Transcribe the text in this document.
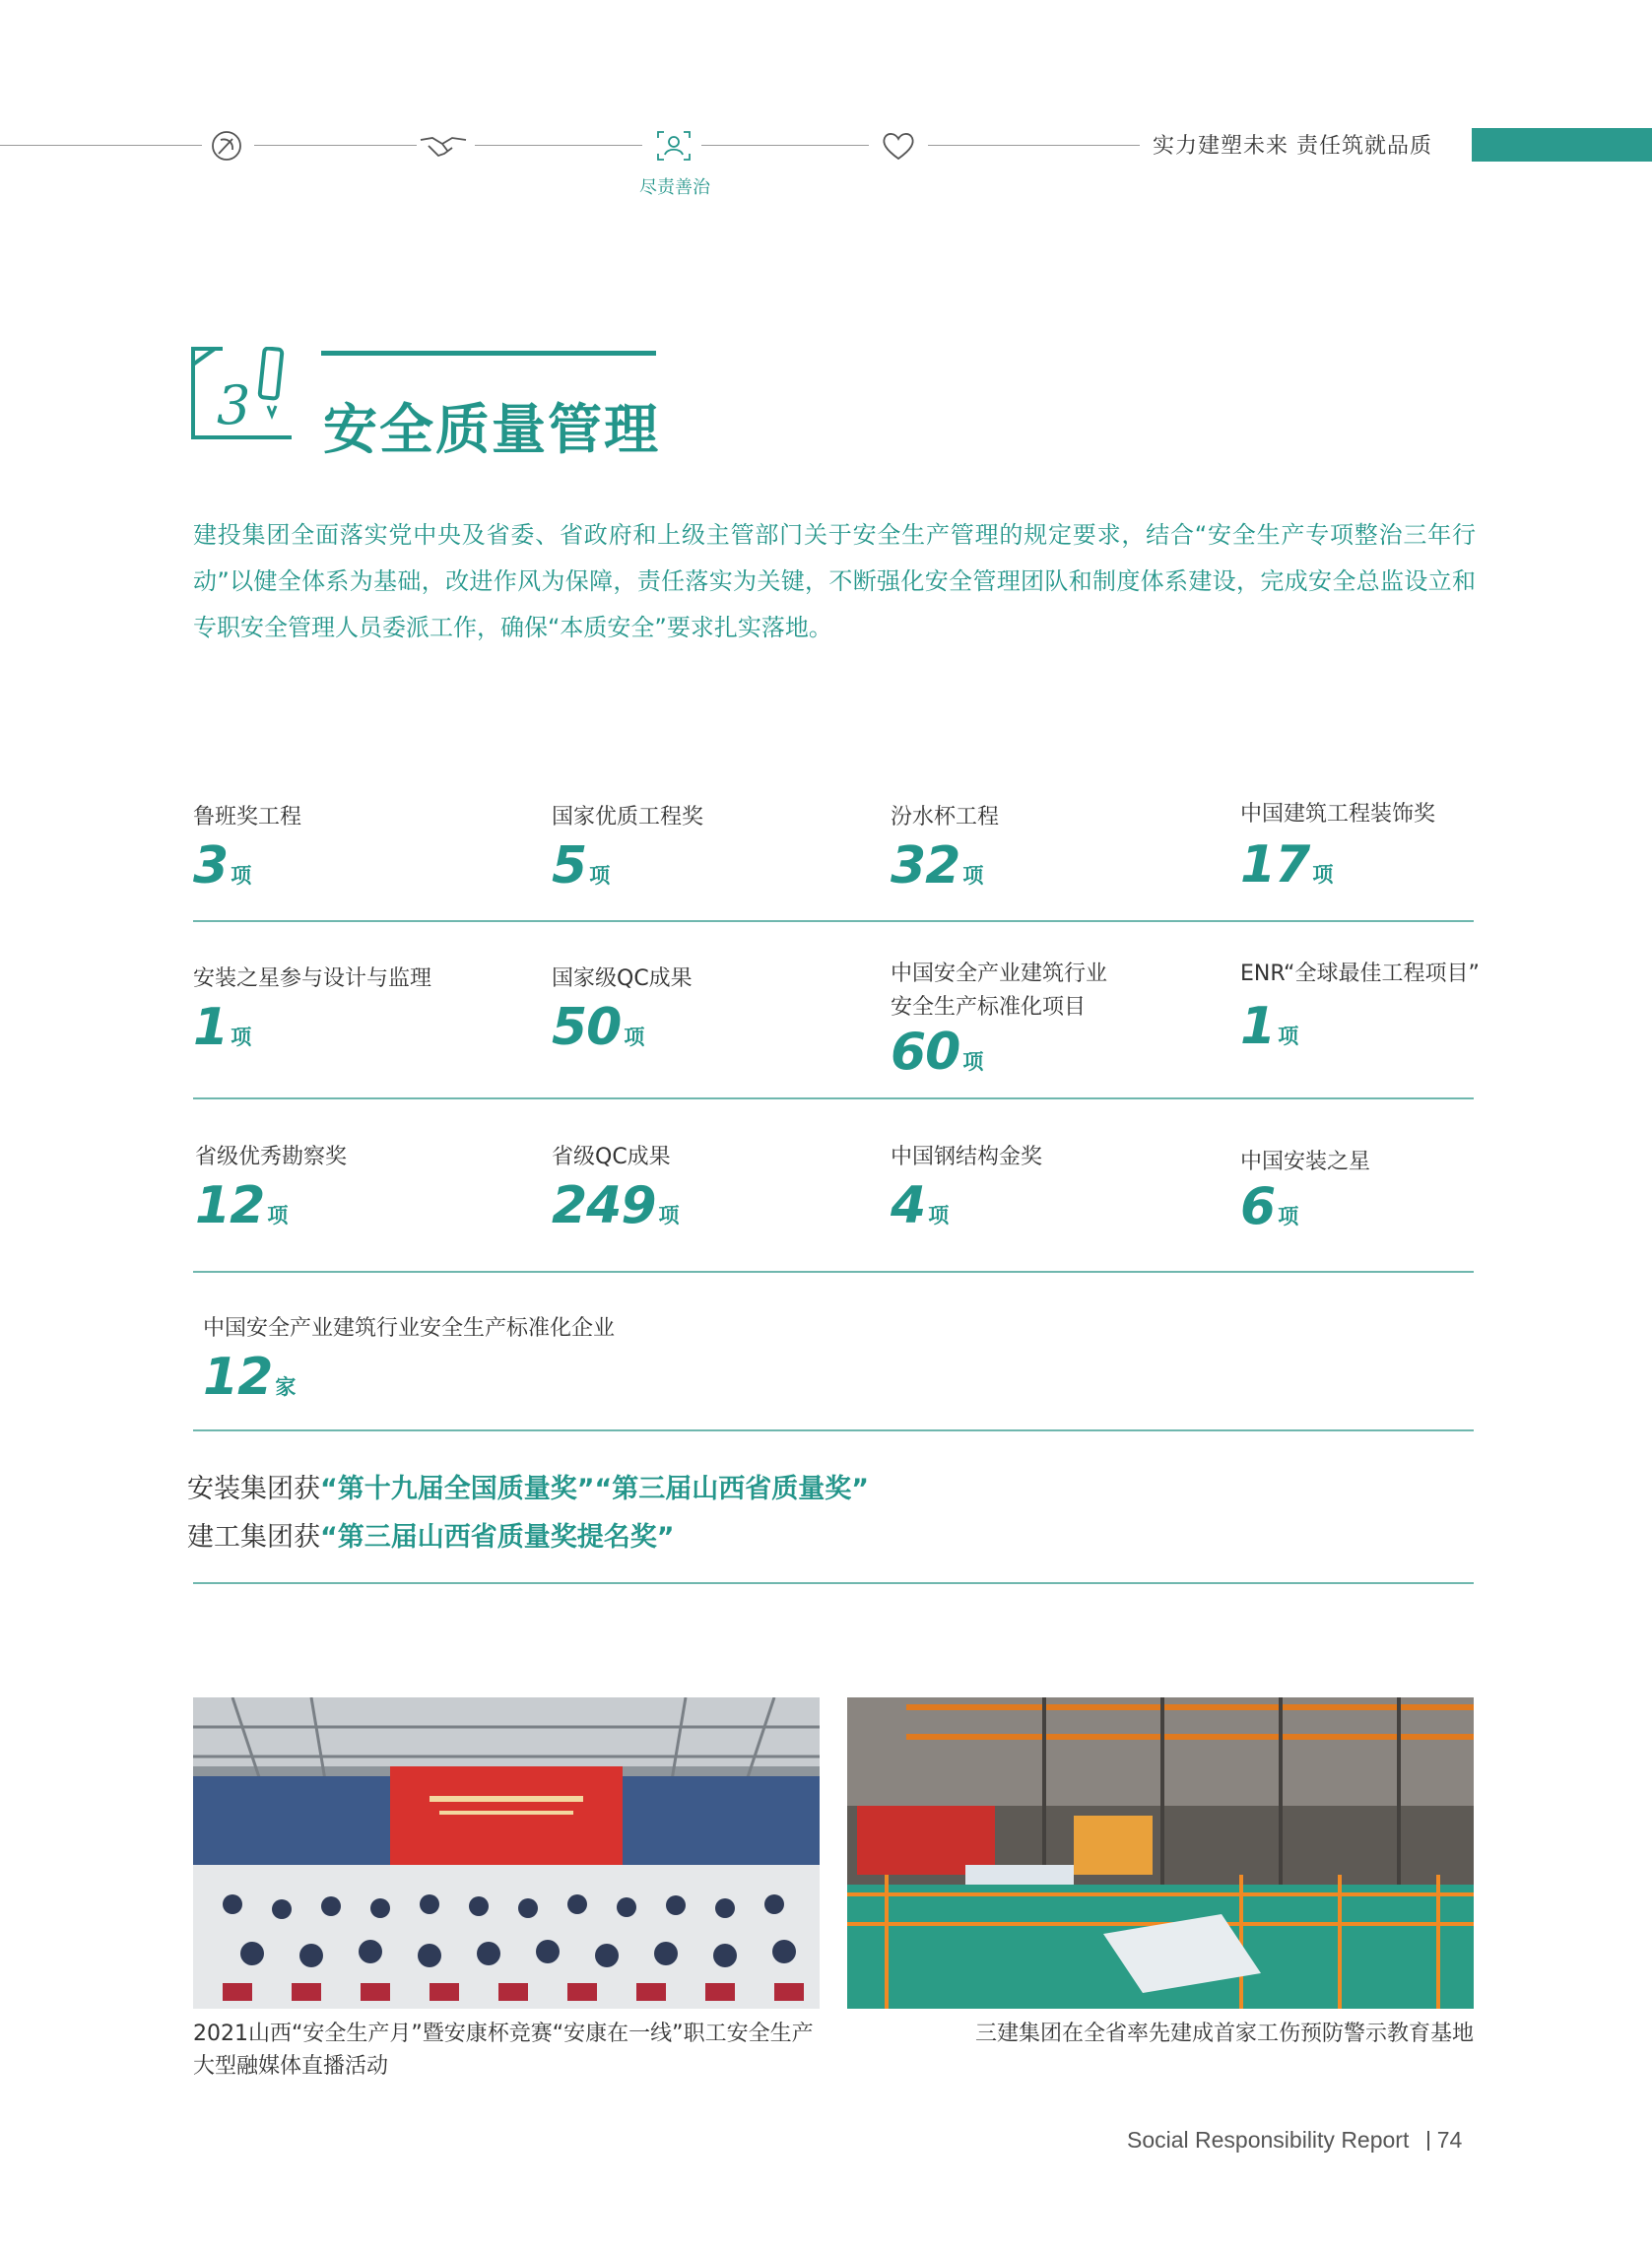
尽责善治
实力建塑未来 责任筑就品质
3 安全质量管理
建投集团全面落实党中央及省委、省政府和上级主管部门关于安全生产管理的规定要求，结合“安全生产专项整治三年行动”以健全体系为基础，改进作风为保障，责任落实为关键，不断强化安全管理团队和制度体系建设，完成安全总监设立和专职安全管理人员委派工作，确保“本质安全”要求扎实落地。
鲁班奖工程
3 项
国家优质工程奖
5 项
汾水杯工程
32 项
中国建筑工程装饰奖
17 项
安装之星参与设计与监理
1 项
国家级QC成果
50 项
中国安全产业建筑行业
安全生产标准化项目
60 项
ENR“全球最佳工程项目”
1 项
省级优秀勘察奖
12 项
省级QC成果
249 项
中国钢结构金奖
4 项
中国安装之星
6 项
中国安全产业建筑行业安全生产标准化企业
12 家
安装集团获“第十九届全国质量奖”“第三届山西省质量奖”
建工集团获“第三届山西省质量奖提名奖”
2021山西“安全生产月”暨安康杯竞赛“安康在一线”职工安全生产大型融媒体直播活动
三建集团在全省率先建成首家工伤预防警示教育基地
Social Responsibility Report 74
